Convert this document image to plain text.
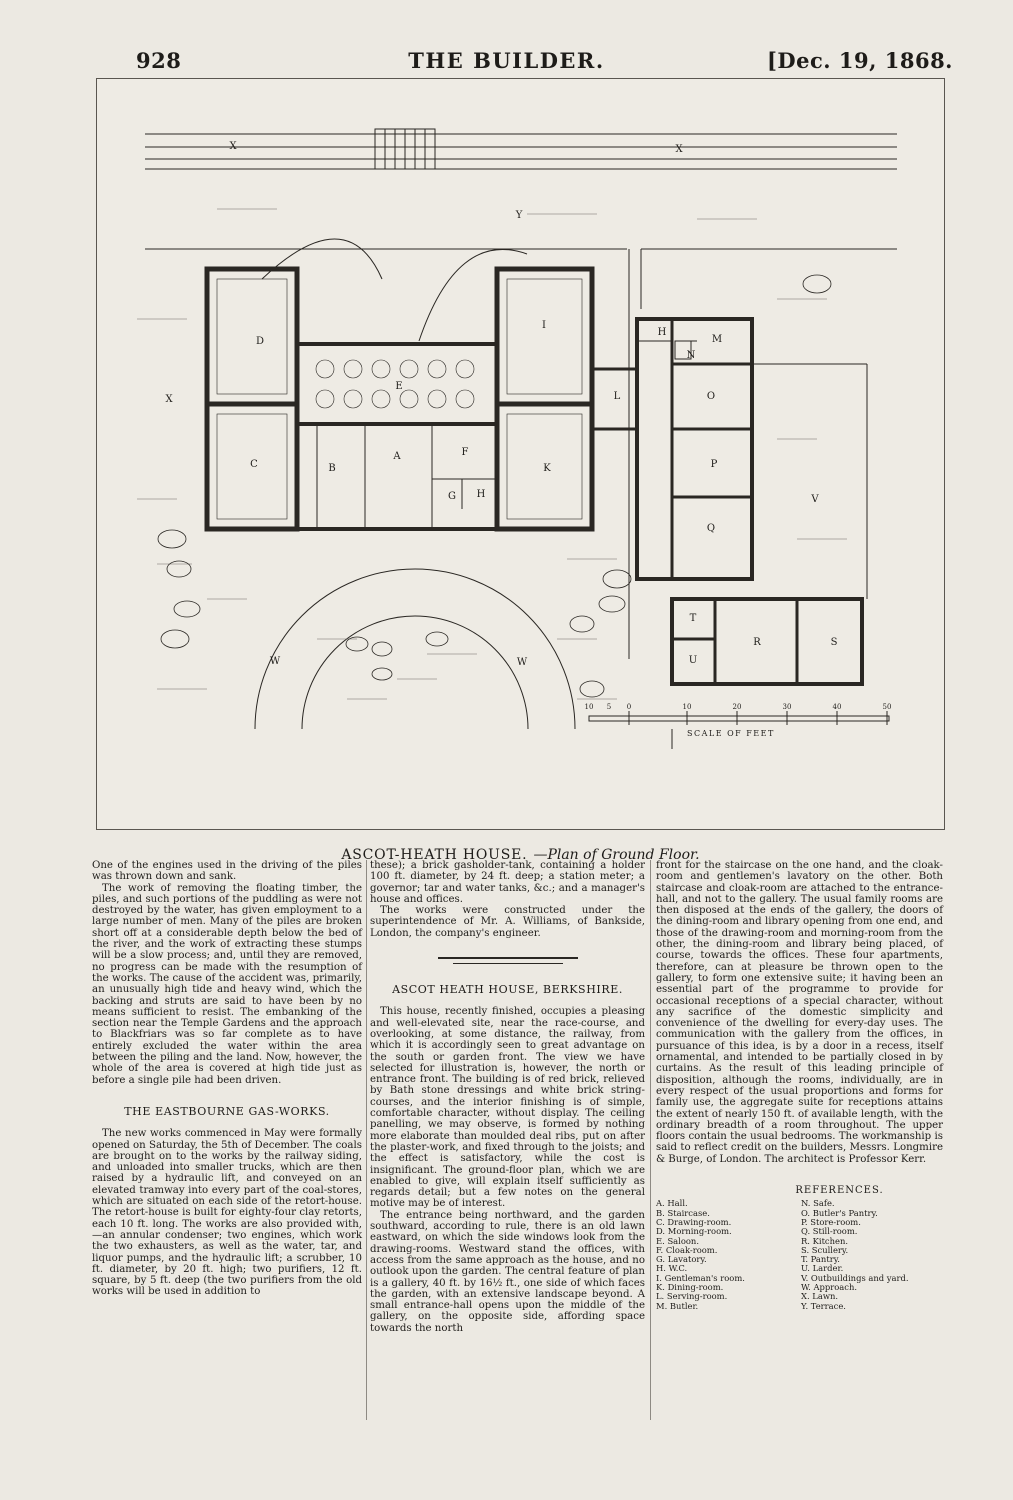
928	THE BUILDER.	[Dec. 19, 1868.
X	X
Y
X
D
E
I
L
C	B
A	F
G H
K
H
M
N
O
P
Q
V
T
U
R	S
W	W
10 5 0	10	20	30	40	50
SCALE OF FEET
ASCOT-HEATH HOUSE. —Plan of Ground Floor.

One of the engines used in the driving of the piles was thrown down and sank.

The work of removing the floating timber, the piles, and such portions of the puddling as were not destroyed by the water, has given employment to a large number of men. Many of the piles are broken short off at a considerable depth below the bed of the river, and the work of extracting these stumps will be a slow process; and, until they are removed, no progress can be made with the resumption of the works. The cause of the accident was, primarily, an unusually high tide and heavy wind, which the backing and struts are said to have been by no means sufficient to resist. The embanking of the section near the Temple Gardens and the approach to Blackfriars was so far complete as to have entirely excluded the water within the area between the piling and the land. Now, however, the whole of the area is covered at high tide just as before a single pile had been driven.

THE EASTBOURNE GAS-WORKS.

The new works commenced in May were formally opened on Saturday, the 5th of December. The coals are brought on to the works by the railway siding, and unloaded into smaller trucks, which are then raised by a hydraulic lift, and conveyed on an elevated tramway into every part of the coal-stores, which are situated on each side of the retort-house. The retort-house is built for eighty-four clay retorts, each 10 ft. long. The works are also provided with,—an annular condenser; two engines, which work the two exhausters, as well as the water, tar, and liquor pumps, and the hydraulic lift; a scrubber, 10 ft. diameter, by 20 ft. high; two purifiers, 12 ft. square, by 5 ft. deep (the two purifiers from the old works will be used in addition to

these); a brick gasholder-tank, containing a holder 100 ft. diameter, by 24 ft. deep; a station meter; a governor; tar and water tanks, &c.; and a manager's house and offices.

The works were constructed under the superintendence of Mr. A. Williams, of Bankside, London, the company's engineer.

ASCOT HEATH HOUSE, BERKSHIRE.

This house, recently finished, occupies a pleasing and well-elevated site, near the race-course, and overlooking, at some distance, the railway, from which it is accordingly seen to great advantage on the south or garden front. The view we have selected for illustration is, however, the north or entrance front. The building is of red brick, relieved by Bath stone dressings and white brick string-courses, and the interior finishing is of simple, comfortable character, without display. The ceiling panelling, we may observe, is formed by nothing more elaborate than moulded deal ribs, put on after the plaster-work, and fixed through to the joists; and the effect is satisfactory, while the cost is insignificant. The ground-floor plan, which we are enabled to give, will explain itself sufficiently as regards detail; but a few notes on the general motive may be of interest.

The entrance being northward, and the garden southward, according to rule, there is an old lawn eastward, on which the side windows look from the drawing-rooms. Westward stand the offices, with access from the same approach as the house, and no outlook upon the garden. The central feature of plan is a gallery, 40 ft. by 16½ ft., one side of which faces the garden, with an extensive landscape beyond. A small entrance-hall opens upon the middle of the gallery, on the opposite side, affording space towards the north

front for the staircase on the one hand, and the cloak-room and gentlemen's lavatory on the other. Both staircase and cloak-room are attached to the entrance-hall, and not to the gallery. The usual family rooms are then disposed at the ends of the gallery, the doors of the dining-room and library opening from one end, and those of the drawing-room and morning-room from the other, the dining-room and library being placed, of course, towards the offices. These four apartments, therefore, can at pleasure be thrown open to the gallery, to form one extensive suite; it having been an essential part of the programme to provide for occasional receptions of a special character, without any sacrifice of the domestic simplicity and convenience of the dwelling for every-day uses. The communication with the gallery from the offices, in pursuance of this idea, is by a door in a recess, itself ornamental, and intended to be partially closed in by curtains. As the result of this leading principle of disposition, although the rooms, individually, are in every respect of the usual proportions and forms for family use, the aggregate suite for receptions attains the extent of nearly 150 ft. of available length, with the ordinary breadth of a room throughout. The upper floors contain the usual bedrooms. The workmanship is said to reflect credit on the builders, Messrs. Longmire & Burge, of London. The architect is Professor Kerr.

REFERENCES.
A. Hall.
B. Staircase.
C. Drawing-room.
D. Morning-room.
E. Saloon.
F. Cloak-room.
G. Lavatory.
H. W.C.
I. Gentleman's room.
K. Dining-room.
L. Serving-room.
M. Butler.
N. Safe.
O. Butler's Pantry.
P. Store-room.
Q. Still-room.
R. Kitchen.
S. Scullery.
T. Pantry.
U. Larder.
V. Outbuildings and yard.
W. Approach.
X. Lawn.
Y. Terrace.
